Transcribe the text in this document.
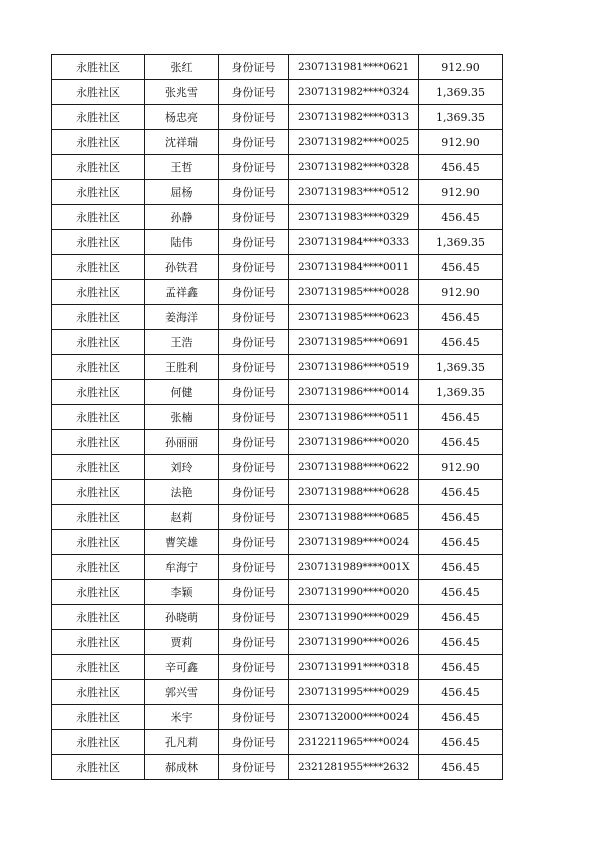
永胜社区	张红	身份证号	2307131981****0621	912.90
永胜社区	张兆雪	身份证号	2307131982****0324	1,369.35
永胜社区	杨忠亮	身份证号	2307131982****0313	1,369.35
永胜社区	沈祥瑞	身份证号	2307131982****0025	912.90
永胜社区	王哲	身份证号	2307131982****0328	456.45
永胜社区	屈杨	身份证号	2307131983****0512	912.90
永胜社区	孙静	身份证号	2307131983****0329	456.45
永胜社区	陆伟	身份证号	2307131984****0333	1,369.35
永胜社区	孙铁君	身份证号	2307131984****0011	456.45
永胜社区	孟祥鑫	身份证号	2307131985****0028	912.90
永胜社区	姜海洋	身份证号	2307131985****0623	456.45
永胜社区	王浩	身份证号	2307131985****0691	456.45
永胜社区	王胜利	身份证号	2307131986****0519	1,369.35
永胜社区	何健	身份证号	2307131986****0014	1,369.35
永胜社区	张楠	身份证号	2307131986****0511	456.45
永胜社区	孙丽丽	身份证号	2307131986****0020	456.45
永胜社区	刘玲	身份证号	2307131988****0622	912.90
永胜社区	法艳	身份证号	2307131988****0628	456.45
永胜社区	赵莉	身份证号	2307131988****0685	456.45
永胜社区	曹笑雄	身份证号	2307131989****0024	456.45
永胜社区	牟海宁	身份证号	2307131989****001X	456.45
永胜社区	李颖	身份证号	2307131990****0020	456.45
永胜社区	孙晓萌	身份证号	2307131990****0029	456.45
永胜社区	贾莉	身份证号	2307131990****0026	456.45
永胜社区	辛可鑫	身份证号	2307131991****0318	456.45
永胜社区	郭兴雪	身份证号	2307131995****0029	456.45
永胜社区	米宇	身份证号	2307132000****0024	456.45
永胜社区	孔凡莉	身份证号	2312211965****0024	456.45
永胜社区	郝成林	身份证号	2321281955****2632	456.45
